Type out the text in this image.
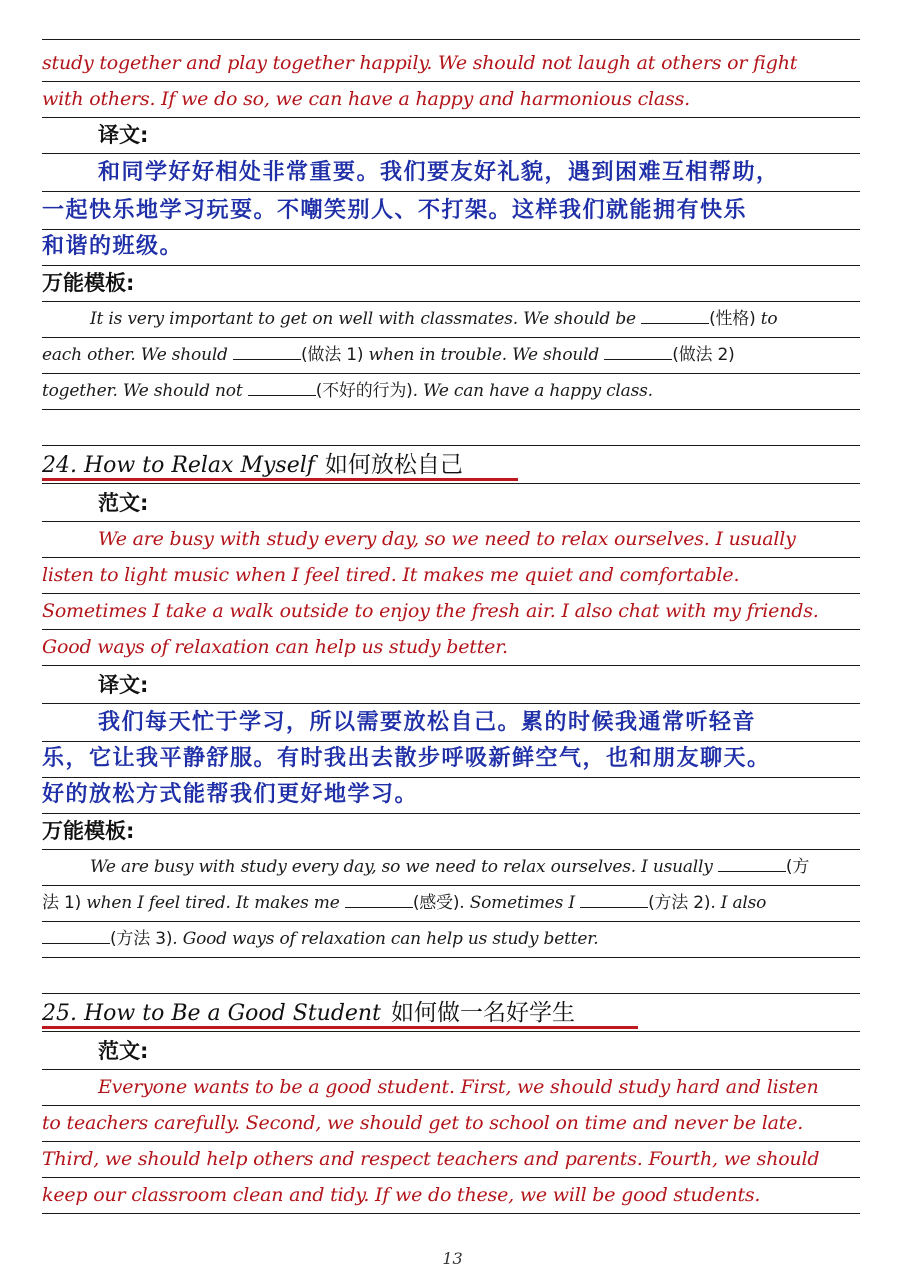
study together and play together happily. We should not laugh at others or fight
with others. If we do so, we can have a happy and harmonious class.
译文:
和同学好好相处非常重要。我们要友好礼貌，遇到困难互相帮助，
一起快乐地学习玩耍。不嘲笑别人、不打架。这样我们就能拥有快乐
和谐的班级。
万能模板:
It is very important to get on well with classmates. We should be	(性格) to
each other. We should	(做法 1) when in trouble. We should	(做法 2)
together. We should not	(不好的行为). We can have a happy class.
24. How to Relax Myself 如何放松自己
范文:
We are busy with study every day, so we need to relax ourselves. I usually
listen to light music when I feel tired. It makes me quiet and comfortable.
Sometimes I take a walk outside to enjoy the fresh air. I also chat with my friends.
Good ways of relaxation can help us study better.
译文:
我们每天忙于学习，所以需要放松自己。累的时候我通常听轻音
乐，它让我平静舒服。有时我出去散步呼吸新鲜空气，也和朋友聊天。
好的放松方式能帮我们更好地学习。
万能模板:
We are busy with study every day, so we need to relax ourselves. I usually	(方
法 1) when I feel tired. It makes me	(感受). Sometimes I	(方法 2). I also
(方法 3). Good ways of relaxation can help us study better.
25. How to Be a Good Student 如何做一名好学生
范文:
Everyone wants to be a good student. First, we should study hard and listen
to teachers carefully. Second, we should get to school on time and never be late.
Third, we should help others and respect teachers and parents. Fourth, we should
keep our classroom clean and tidy. If we do these, we will be good students.
13
